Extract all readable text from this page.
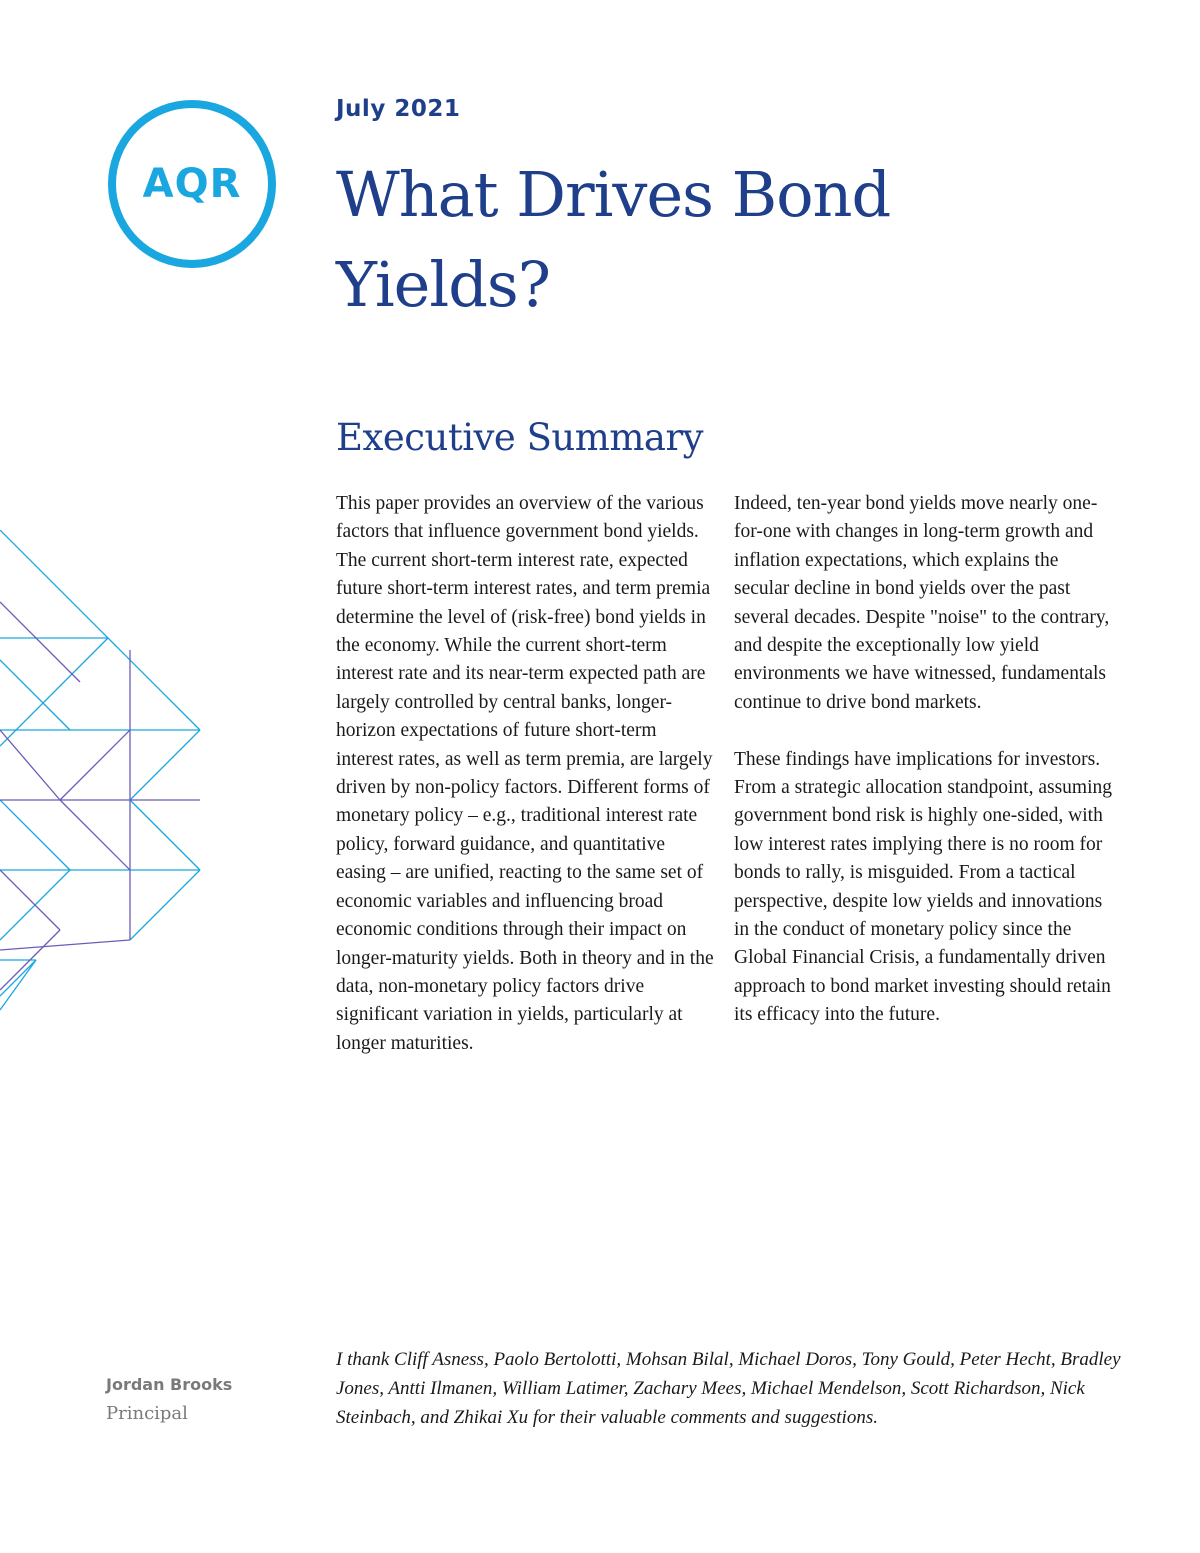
AQR
July 2021
What Drives Bond Yields?
Executive Summary

This paper provides an overview of the various factors that influence government bond yields. The current short-term interest rate, expected future short-term interest rates, and term premia determine the level of (risk-free) bond yields in the economy. While the current short-term interest rate and its near-term expected path are largely controlled by central banks, longer-horizon expectations of future short-term interest rates, as well as term premia, are largely driven by non-policy factors. Different forms of monetary policy – e.g., traditional interest rate policy, forward guidance, and quantitative easing – are unified, reacting to the same set of economic variables and influencing broad economic conditions through their impact on longer-maturity yields. Both in theory and in the data, non-monetary policy factors drive significant variation in yields, particularly at longer maturities.

Indeed, ten-year bond yields move nearly one-for-one with changes in long-term growth and inflation expectations, which explains the secular decline in bond yields over the past several decades. Despite "noise" to the contrary, and despite the exceptionally low yield environments we have witnessed, fundamentals continue to drive bond markets.

These findings have implications for investors. From a strategic allocation standpoint, assuming government bond risk is highly one-sided, with low interest rates implying there is no room for bonds to rally, is misguided. From a tactical perspective, despite low yields and innovations in the conduct of monetary policy since the Global Financial Crisis, a fundamentally driven approach to bond market investing should retain its efficacy into the future.

Jordan Brooks
Principal
I thank Cliff Asness, Paolo Bertolotti, Mohsan Bilal, Michael Doros, Tony Gould, Peter Hecht, Bradley Jones, Antti Ilmanen, William Latimer, Zachary Mees, Michael Mendelson, Scott Richardson, Nick Steinbach, and Zhikai Xu for their valuable comments and suggestions.
